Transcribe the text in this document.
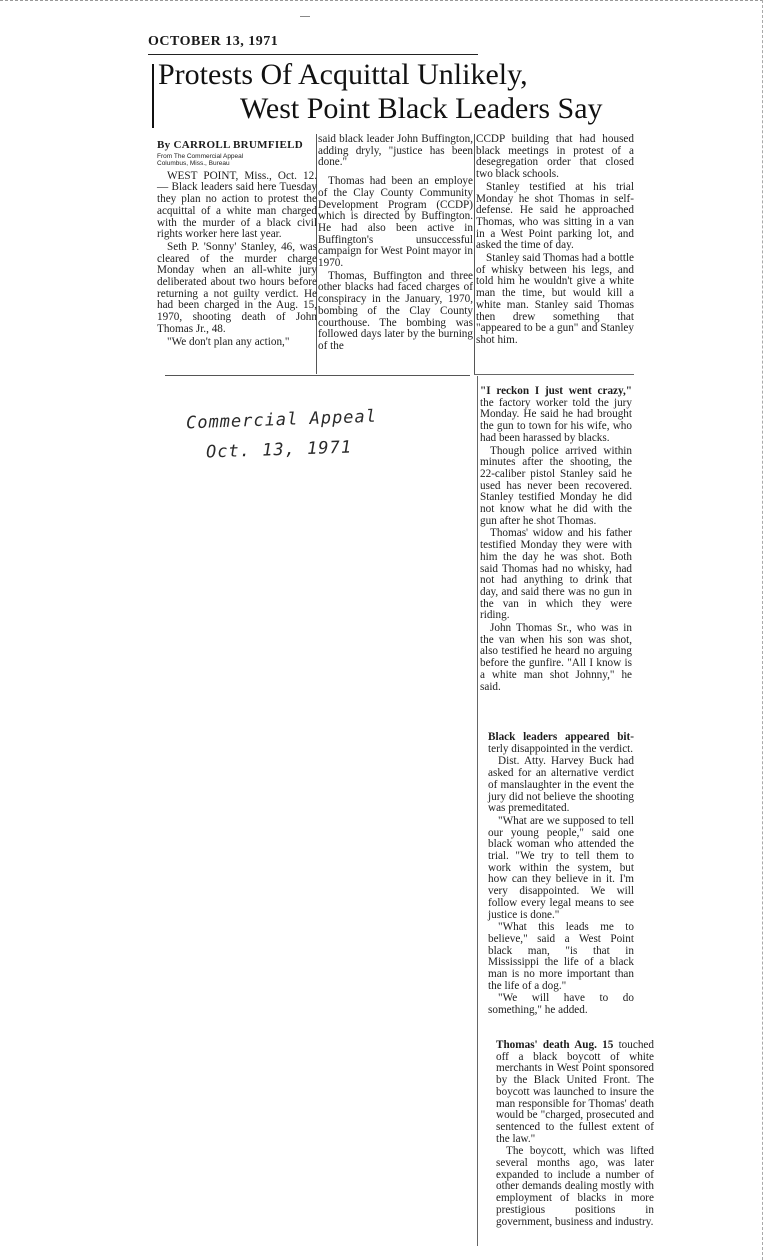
OCTOBER 13, 1971
Protests Of Acquittal Unlikely,
West Point Black Leaders Say
By CARROLL BRUMFIELD
From The Commercial Appeal
Columbus, Miss., Bureau

WEST POINT, Miss., Oct. 12. — Black leaders said here Tuesday they plan no action to protest the acquittal of a white man charged with the murder of a black civil rights worker here last year.

Seth P. 'Sonny' Stanley, 46, was cleared of the murder charge Monday when an all-white jury deliberated about two hours before returning a not guilty verdict. He had been charged in the Aug. 15, 1970, shooting death of John Thomas Jr., 48.

"We don't plan any action,"

said black leader John Buffington, adding dryly, "justice has been done."

Thomas had been an employe of the Clay County Community Development Program (CCDP) which is directed by Buffington. He had also been active in Buffington's unsuccessful campaign for West Point mayor in 1970.

Thomas, Buffington and three other blacks had faced charges of conspiracy in the January, 1970, bombing of the Clay County courthouse. The bombing was followed days later by the burning of the

CCDP building that had housed black meetings in protest of a desegregation order that closed two black schools.

Stanley testified at his trial Monday he shot Thomas in self-defense. He said he approached Thomas, who was sitting in a van in a West Point parking lot, and asked the time of day.

Stanley said Thomas had a bottle of whisky between his legs, and told him he wouldn't give a white man the time, but would kill a white man. Stanley said Thomas then drew something that "appeared to be a gun" and Stanley shot him.

"I reckon I just went crazy," the factory worker told the jury Monday. He said he had brought the gun to town for his wife, who had been harassed by blacks.

Though police arrived within minutes after the shooting, the 22-caliber pistol Stanley said he used has never been recovered. Stanley testified Monday he did not know what he did with the gun after he shot Thomas.

Thomas' widow and his father testified Monday they were with him the day he was shot. Both said Thomas had no whisky, had not had anything to drink that day, and said there was no gun in the van in which they were riding.

John Thomas Sr., who was in the van when his son was shot, also testified he heard no arguing before the gunfire. "All I know is a white man shot Johnny," he said.

Black leaders appeared bit- terly disappointed in the verdict.

Dist. Atty. Harvey Buck had asked for an alternative verdict of manslaughter in the event the jury did not believe the shooting was premeditated.

"What are we supposed to tell our young people," said one black woman who attended the trial. "We try to tell them to work within the system, but how can they believe in it. I'm very disappointed. We will follow every legal means to see justice is done."

"What this leads me to believe," said a West Point black man, "is that in Mississippi the life of a black man is no more important than the life of a dog."

"We will have to do something," he added.

Thomas' death Aug. 15 touched off a black boycott of white merchants in West Point sponsored by the Black United Front. The boycott was launched to insure the man responsible for Thomas' death would be "charged, prosecuted and sentenced to the fullest extent of the law."

The boycott, which was lifted several months ago, was later expanded to include a number of other demands dealing mostly with employment of blacks in more prestigious positions in government, business and industry.

Commercial Appeal
Oct. 13, 1971
